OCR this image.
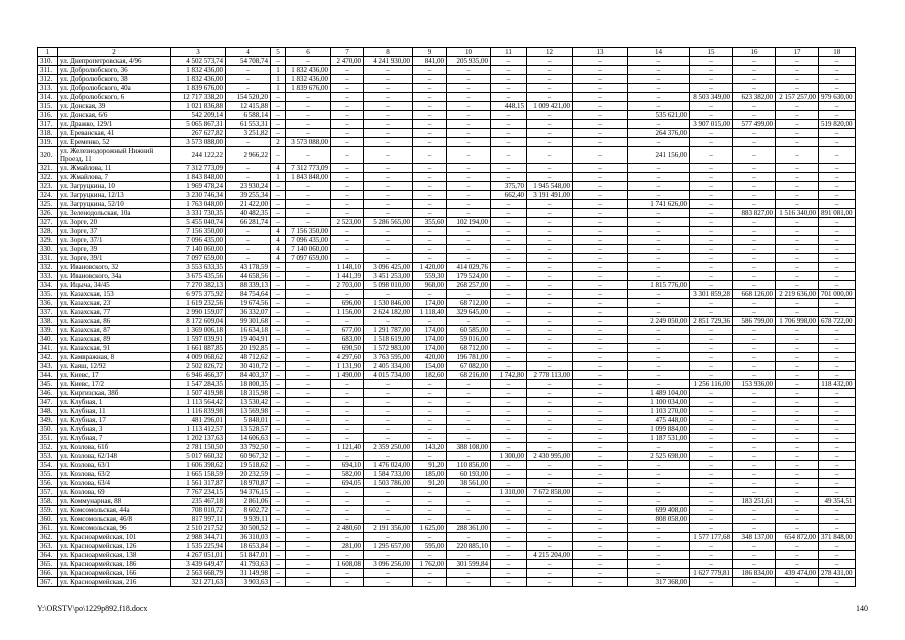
1	2	3	4	5	6	7	8	9	10	11	12	13	14	15	16	17	18
310.	ул. Днепропетровская, 4/96	4 502 573,74	54 708,74	–	–	2 470,00	4 241 930,00	841,00	205 935,00	–	–	–	–	–	–	–	–
311.	ул. Добролюбского, 36	1 832 436,00	–	1	1 832 436,00	–	–	–	–	–	–	–	–	–	–	–	–
312.	ул. Добролюбского, 38	1 832 436,00	–	1	1 832 436,00	–	–	–	–	–	–	–	–	–	–	–	–
313.	ул. Добролюбского, 40а	1 839 676,00	–	1	1 839 676,00	–	–	–	–	–	–	–	–	–	–	–	–
314.	ул. Добролюбского, 6	12 717 338,20	154 520,20	–	–	–	–	–	–	–	–	–	–	8 503 349,00	623 382,00	2 157 257,00	979 630,00
315.	ул. Донская, 39	1 021 836,88	12 415,88	–	–	–	–	–	–	448,15	1 009 421,00	–	–	–	–	–	–
316.	ул. Донская, 6/6	542 209,14	6 588,14	–	–	–	–	–	–	–	–	–	535 621,00	–	–	–	–
317.	ул. Дражко, 129/1	5 065 867,31	61 553,31	–	–	–	–	–	–	–	–	–	–	3 907 015,00	577 499,00	–	519 820,00
318.	ул. Ереванская, 41	267 627,82	3 251,82	–	–	–	–	–	–	–	–	–	264 376,00	–	–	–	–
319.	ул. Еременко, 52	3 573 088,00	–	2	3 573 088,00	–	–	–	–	–	–	–	–	–	–	–	–
320.	ул. Железнодорожный Нижний Проезд, 11	244 122,22	2 966,22	–	–	–	–	–	–	–	–	–	241 156,00	–	–	–	–
321.	ул. Жмайлова, 11	7 312 773,09	–	4	7 312 773,09	–	–	–	–	–	–	–	–	–	–	–	–
322.	ул. Жмайлова, 7	1 843 848,00	–	1	1 843 848,00	–	–	–	–	–	–	–	–	–	–	–	–
323.	ул. Загруцкина, 10	1 969 478,24	23 930,24	–	–	–	–	–	–	375,70	1 945 548,00	–	–	–	–	–	–
324.	ул. Загруцкина, 12/13	3 230 746,34	39 255,34	–	–	–	–	–	–	662,40	3 191 491,00	–	–	–	–	–	–
325.	ул. Загруцкина, 52/10	1 763 048,00	21 422,00	–	–	–	–	–	–	–	–	–	1 741 626,00	–	–	–	–
326.	ул. Зеленодольская, 10а	3 331 730,35	40 482,35	–	–	–	–	–	–	–	–	–	–	–	883 827,00	1 516 340,00	891 081,00
327.	ул. Зорге, 20	5 455 040,74	66 281,74	–	–	2 523,00	5 286 565,00	355,60	102 194,00	–	–	–	–	–	–	–	–
328.	ул. Зорге, 37	7 156 350,00	–	4	7 156 350,00	–	–	–	–	–	–	–	–	–	–	–	–
329.	ул. Зорге, 37/1	7 096 435,00	–	4	7 096 435,00	–	–	–	–	–	–	–	–	–	–	–	–
330.	ул. Зорге, 39	7 140 060,00	–	4	7 140 060,00	–	–	–	–	–	–	–	–	–	–	–	–
331.	ул. Зорге, 39/1	7 097 659,00	–	4	7 097 659,00	–	–	–	–	–	–	–	–	–	–	–	–
332.	ул. Ивановского, 32	3 553 633,35	43 178,59	–	–	1 148,10	3 096 425,00	1 420,00	414 029,76	–	–	–	–	–	–	–	–
333.	ул. Ивановского, 34а	3 675 435,56	44 658,56	–	–	1 441,39	3 451 253,00	559,30	179 524,00	–	–	–	–	–	–	–	–
334.	ул. Ицыча, 34/45	7 270 382,13	88 339,13	–	–	2 703,00	5 098 010,00	968,00	268 257,00	–	–	–	1 815 776,00	–	–	–	–
335.	ул. Казахская, 153	6 975 375,92	84 754,64	–	–	–	–	–	–	–	–	–	–	3 301 859,28	668 126,00	2 219 636,00	701 000,00
336.	ул. Казахская, 23	1 619 232,56	19 674,56	–	–	696,00	1 530 846,00	174,00	68 712,00	–	–	–	–	–	–	–	–
337.	ул. Казахская, 77	2 990 159,07	36 332,07	–	–	1 156,00	2 624 182,00	1 118,40	329 645,00	–	–	–	–	–	–	–	–
338.	ул. Казахская, 86	8 172 609,04	99 301,68	–	–	–	–	–	–	–	–	–	2 249 050,00	2 851 729,36	586 799,00	1 706 998,00	678 722,00
339.	ул. Казахская, 87	1 369 006,18	16 634,18	–	–	677,00	1 291 787,00	174,00	60 585,00	–	–	–	–	–	–	–	–
340.	ул. Казахская, 89	1 597 039,91	19 404,91	–	–	683,00	1 518 619,00	174,00	59 016,00	–	–	–	–	–	–	–	–
341.	ул. Казахская, 91	1 661 887,85	20 192,85	–	–	690,50	1 572 983,00	174,00	68 712,00	–	–	–	–	–	–	–	–
342.	ул. Камвражная, 8	4 009 068,62	48 712,62	–	–	4 297,60	3 763 595,00	420,00	196 781,00	–	–	–	–	–	–	–	–
343.	ул. Каяш, 12/92	2 502 826,72	30 410,72	–	–	1 131,90	2 405 334,00	154,00	67 082,00	–	–	–	–	–	–	–	–
344.	ул. Киевс, 17	6 946 466,37	84 403,37	–	–	1 490,00	4 015 734,00	182,60	68 216,00	1 742,80	2 778 113,00	–	–	–	–	–	–
345.	ул. Киевс, 17/2	1 547 284,35	18 800,35	–	–	–	–	–	–	–	–	–	–	1 256 116,00	153 936,00	–	118 432,00
346.	ул. Киргизская, 38б	1 507 419,98	18 315,98	–	–	–	–	–	–	–	–	–	1 489 104,00	–	–	–	–
347.	ул. Клубная, 1	1 113 564,42	13 530,42	–	–	–	–	–	–	–	–	–	1 100 034,00	–	–	–	–
348.	ул. Клубная, 11	1 116 839,98	13 569,98	–	–	–	–	–	–	–	–	–	1 103 270,00	–	–	–	–
349.	ул. Клубная, 17	481 296,01	5 848,01	–	–	–	–	–	–	–	–	–	475 448,00	–	–	–	–
350.	ул. Клубная, 3	1 113 412,57	13 528,57	–	–	–	–	–	–	–	–	–	1 099 884,00	–	–	–	–
351.	ул. Клубная, 7	1 202 137,63	14 606,63	–	–	–	–	–	–	–	–	–	1 187 531,00	–	–	–	–
352.	ул. Козлова, 61б	2 781 150,50	33 792,50	–	–	1 121,40	2 359 250,00	143,20	388 108,00	–	–	–	–	–	–	–	–
353.	ул. Козлова, 62/148	5 017 660,32	60 967,32	–	–	–	–	–	–	1 300,00	2 430 995,00	–	2 525 698,00	–	–	–	–
354.	ул. Козлова, 63/1	1 606 398,62	19 518,62	–	–	694,10	1 476 024,00	91,20	110 856,00	–	–	–	–	–	–	–	–
355.	ул. Козлова, 63/2	1 665 158,59	20 232,59	–	–	582,00	1 584 733,00	185,00	60 193,00	–	–	–	–	–	–	–	–
356.	ул. Козлова, 63/4	1 561 317,87	18 970,87	–	–	694,05	1 503 786,00	91,20	38 561,00	–	–	–	–	–	–	–	–
357.	ул. Козлова, 69	7 767 234,15	94 376,15	–	–	–	–	–	–	1 310,00	7 672 858,00	–	–	–	–	–	–
358.	ул. Коммунарная, 88	235 467,18	2 861,06	–	–	–	–	–	–	–	–	–	–	–	183 251,61	–	49 354,51
359.	ул. Комсомольская, 44а	708 010,72	8 602,72	–	–	–	–	–	–	–	–	–	699 408,00	–	–	–	–
360.	ул. Комсомольская, 46/8	817 997,11	9 939,11	–	–	–	–	–	–	–	–	–	808 058,00	–	–	–	–
361.	ул. Комсомольская, 96	2 510 217,52	30 500,52	–	–	2 480,60	2 191 356,00	1 625,00	288 361,00	–	–	–	–	–	–	–	–
362.	ул. Красноармейская, 101	2 988 344,71	36 310,03	–	–	–	–	–	–	–	–	–	–	1 577 177,68	348 137,00	654 872,00	371 848,00
363.	ул. Красноармейская, 126	1 535 225,94	18 653,84	–	–	281,00	1 295 657,00	595,00	220 885,10	–	–	–	–	–	–	–	–
364.	ул. Красноармейская, 138	4 267 051,01	51 847,01	–	–	–	–	–	–	–	4 215 204,00	–	–	–	–	–	–
365.	ул. Красноармейская, 186	3 439 649,47	41 793,63	–	–	1 608,08	3 096 256,00	1 762,00	301 599,84	–	–	–	–	–	–	–	–
366.	ул. Красноармейская, 166	2 563 668,79	31 149,98	–	–	–	–	–	–	–	–	–	–	1 627 779,81	186 834,00	439 474,00	278 431,00
367.	ул. Красноармейская, 216	321 271,63	3 903,63	–	–	–	–	–	–	–	–	–	317 368,00	–	–	–	–
Y:\ORSTV\po\1229p892.f18.docx	140
